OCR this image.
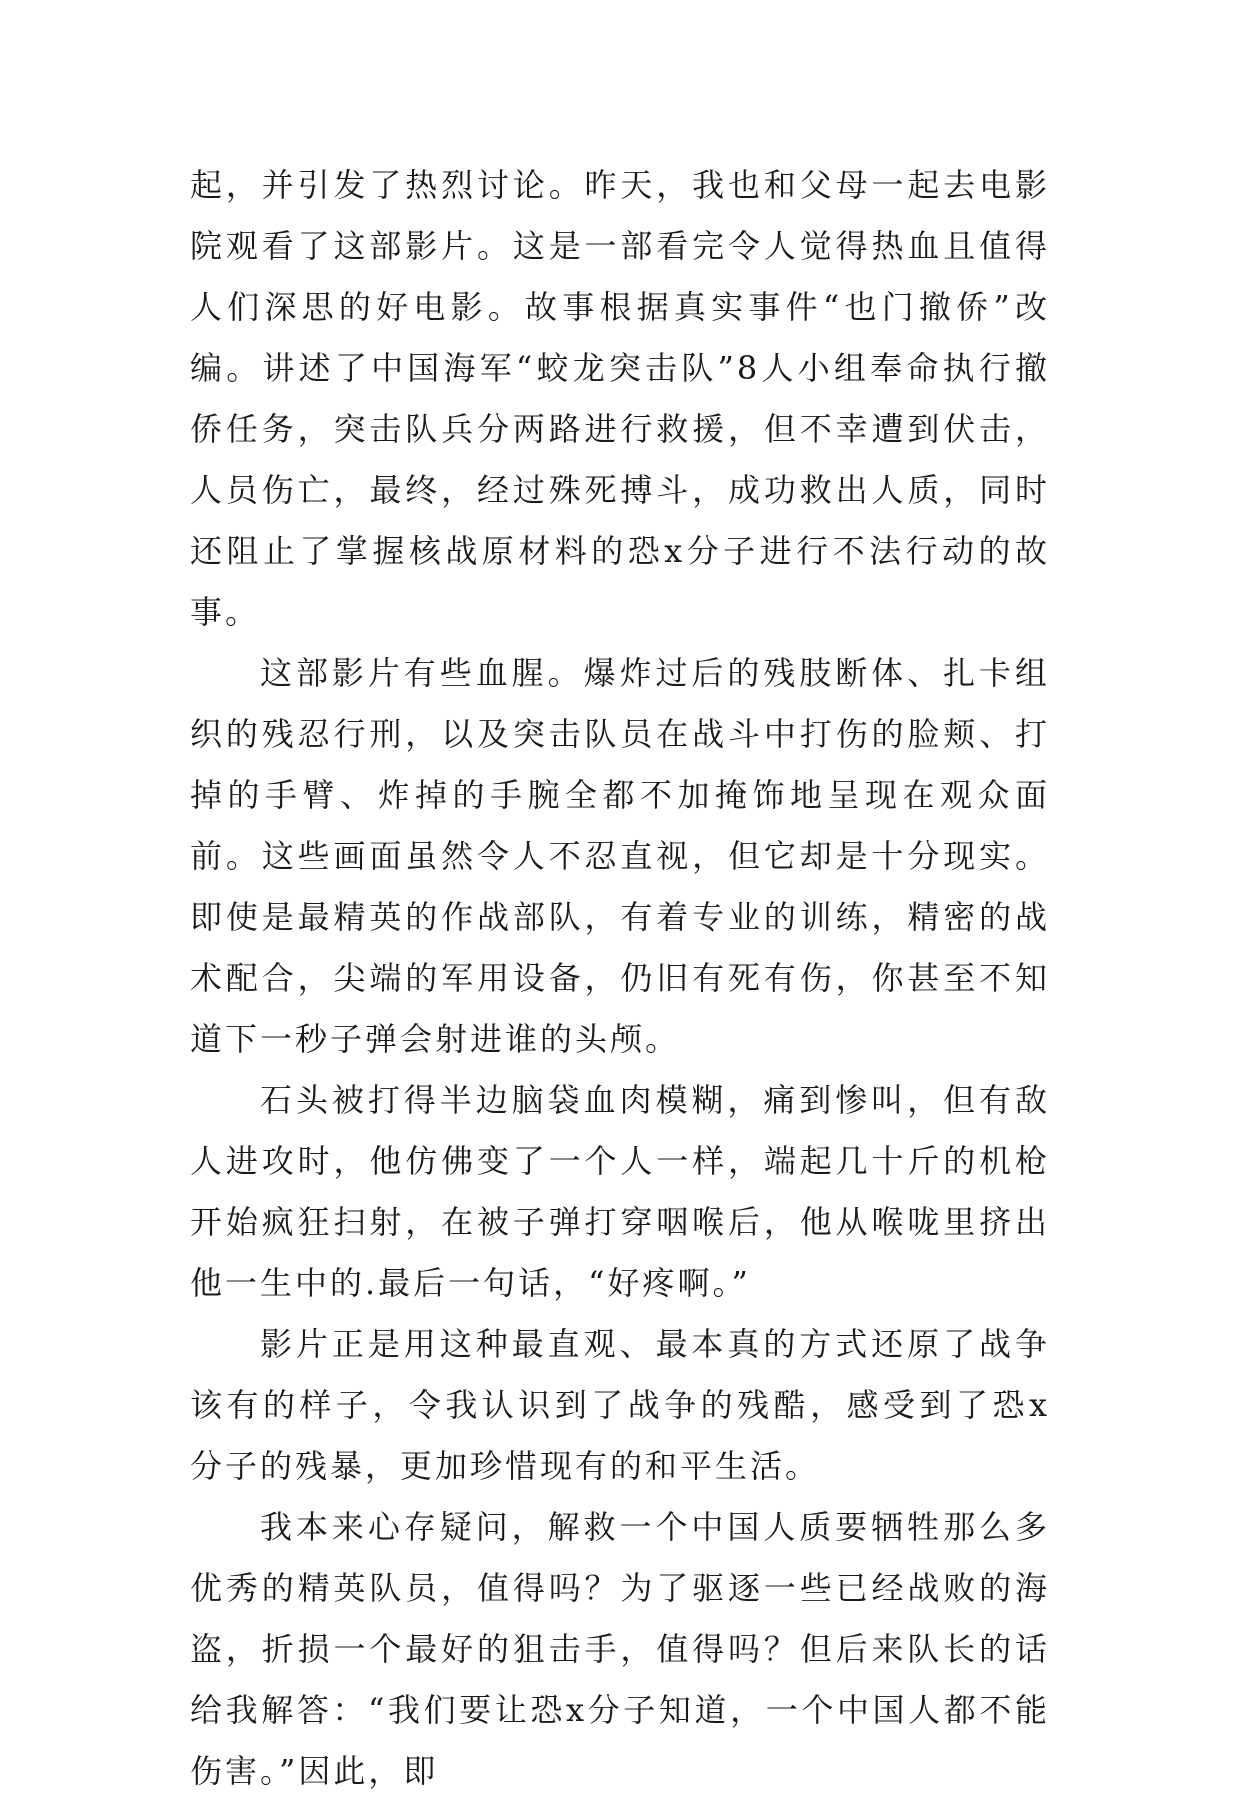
起，并引发了热烈讨论。昨天，我也和父母一起去电影院观看了这部影片。这是一部看完令人觉得热血且值得人们深思的好电影。故事根据真实事件“也门撤侨”改编。讲述了中国海军“蛟龙突击队”8人小组奉命执行撤侨任务，突击队兵分两路进行救援，但不幸遭到伏击，人员伤亡，最终，经过殊死搏斗，成功救出人质，同时还阻止了掌握核战原材料的恐x分子进行不法行动的故事。

这部影片有些血腥。爆炸过后的残肢断体、扎卡组织的残忍行刑，以及突击队员在战斗中打伤的脸颊、打掉的手臂、炸掉的手腕全都不加掩饰地呈现在观众面前。这些画面虽然令人不忍直视，但它却是十分现实。即使是最精英的作战部队，有着专业的训练，精密的战术配合，尖端的军用设备，仍旧有死有伤，你甚至不知道下一秒子弹会射进谁的头颅。

石头被打得半边脑袋血肉模糊，痛到惨叫，但有敌人进攻时，他仿佛变了一个人一样，端起几十斤的机枪开始疯狂扫射，在被子弹打穿咽喉后，他从喉咙里挤出他一生中的.最后一句话，“好疼啊。”

影片正是用这种最直观、最本真的方式还原了战争该有的样子，令我认识到了战争的残酷，感受到了恐x分子的残暴，更加珍惜现有的和平生活。

我本来心存疑问，解救一个中国人质要牺牲那么多优秀的精英队员，值得吗？为了驱逐一些已经战败的海盗，折损一个最好的狙击手，值得吗？但后来队长的话给我解答：“我们要让恐x分子知道，一个中国人都不能伤害。”因此，即
